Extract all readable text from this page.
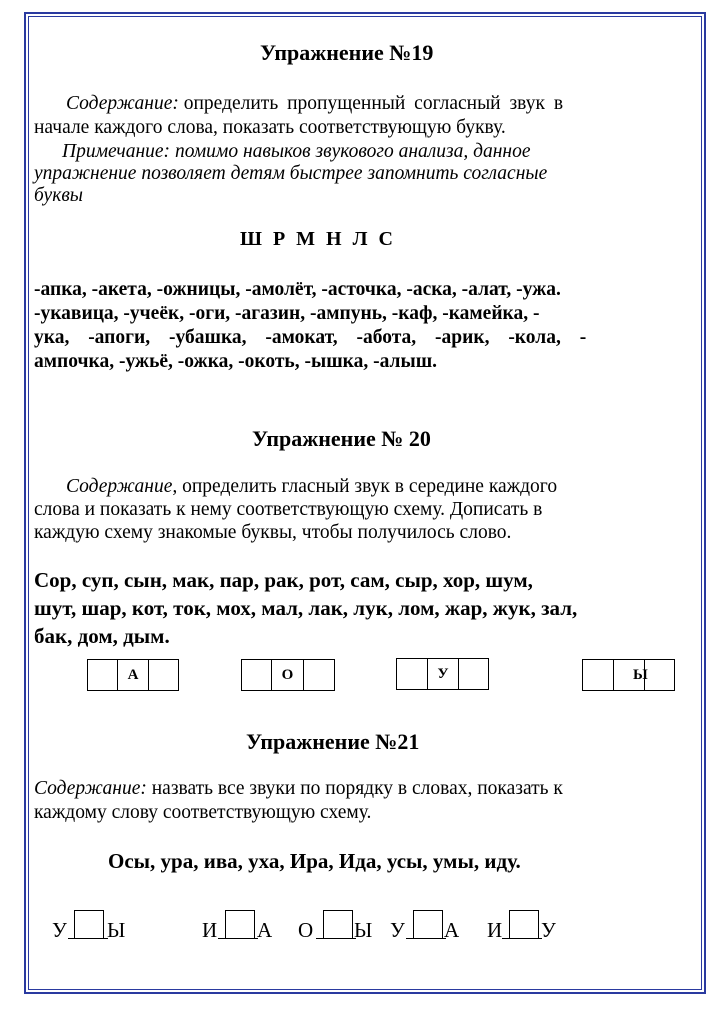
Упражнение №19
Содержание: определить пропущенный согласный звук в
начале каждого слова, показать соответствующую букву.
Примечание: помимо навыков звукового анализа, данное
упражнение позволяет детям быстрее запомнить согласные
буквы
Ш Р М Н Л С
-апка, -акета, -ожницы, -амолёт, -асточка, -аска, -алат, -ужа.
-укавица, -учеёк, -оги, -агазин, -ампунь, -каф, -камейка, -
ука, -апоги, -убашка, -амокат, -абота, -арик, -кола, -
ампочка, -ужьё, -ожка, -окоть, -ышка, -алыш.
Упражнение № 20
Содержание, определить гласный звук в середине каждого
слова и показать к нему соответствующую схему. Дописать в
каждую схему знакомые буквы, чтобы получилось слово.
Сор, суп, сын, мак, пар, рак, рот, сам, сыр, хор, шум,
шут, шар, кот, ток, мох, мал, лак, лук, лом, жар, жук, зал,
бак, дом, дым.
А	О	У	Ы
Упражнение №21
Содержание: назвать все звуки по порядку в словах, показать к
каждому слову соответствующую схему.
Осы, ура, ива, уха, Ира, Ида, усы, умы, иду.
У Ы	И А О Ы У А И У
